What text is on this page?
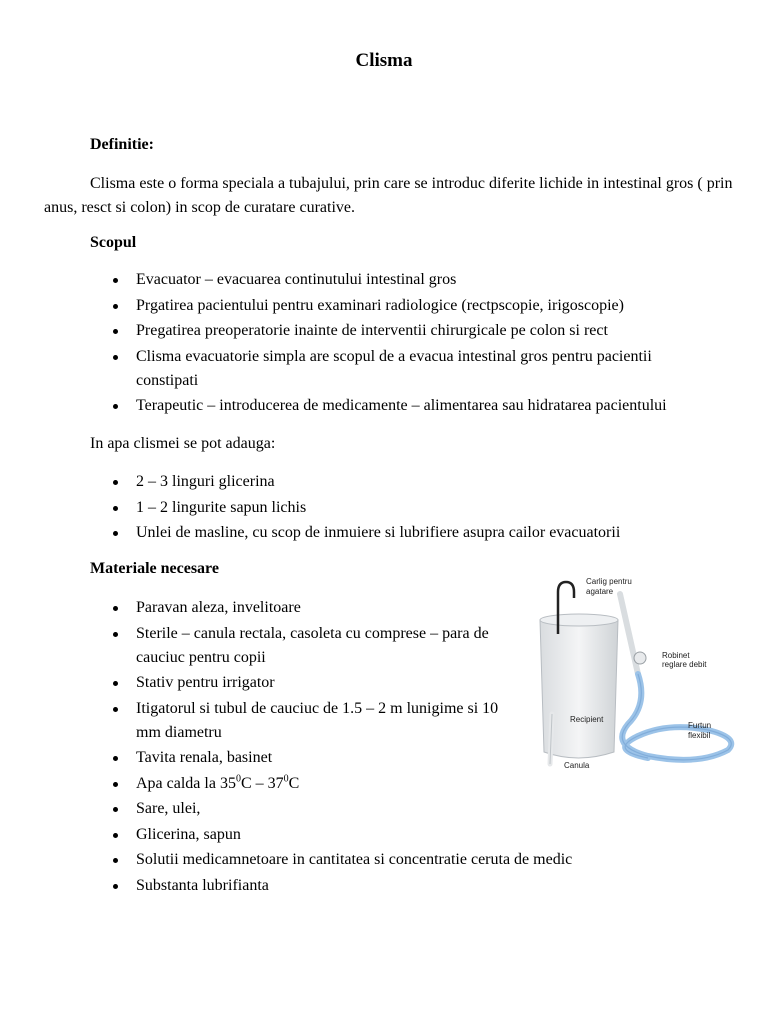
Clisma
Definitie:
Clisma este o forma speciala a tubajului, prin care se introduc diferite lichide in intestinal gros ( prin anus, resct si colon) in scop de curatare curative.
Scopul
Evacuator – evacuarea continutului intestinal gros
Prgatirea pacientului pentru examinari radiologice (rectpscopie, irigoscopie)
Pregatirea preoperatorie inainte de interventii chirurgicale pe colon si rect
Clisma evacuatorie simpla are scopul de a evacua intestinal gros pentru pacientii constipati
Terapeutic – introducerea de medicamente – alimentarea sau hidratarea pacientului
In apa clismei se pot adauga:
2 – 3 linguri glicerina
1 – 2 lingurite sapun lichis
Unlei de masline, cu scop de inmuiere si lubrifiere asupra cailor evacuatorii
Materiale necesare
Paravan aleza, invelitoare
Sterile – canula rectala, casoleta cu comprese – para de cauciuc pentru copii
Stativ pentru irrigator
Itigatorul si tubul de cauciuc de 1.5 – 2 m lunigime si 10 mm diametru
Tavita renala, basinet
Apa calda la $35^0C - 37^0C$
Sare, ulei,
Glicerina, sapun
Solutii medicamnetoare in cantitatea si concentratie ceruta de medic
Substanta lubrifianta
Carlig pentru
agatare
Robinet
reglare debit
Recipient
Furtun
flexibil
Canula
